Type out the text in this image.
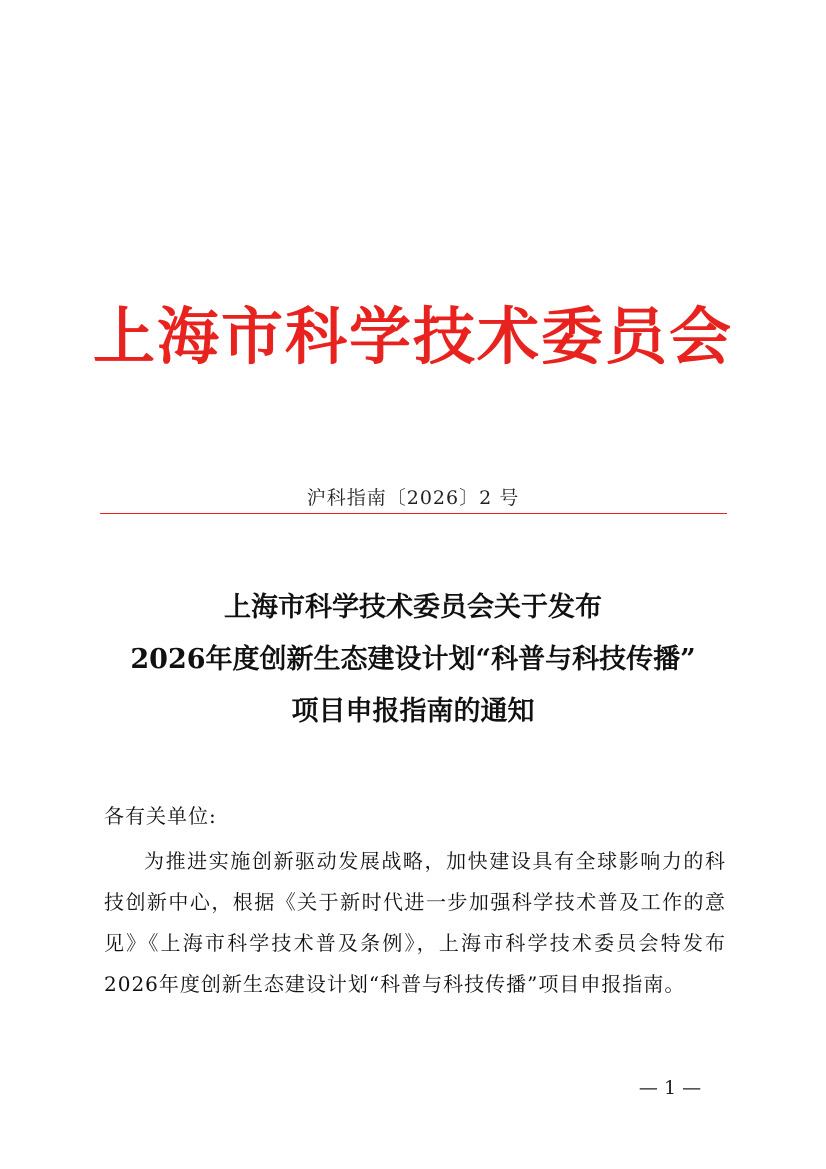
上海市科学技术委员会
沪科指南〔2026〕2 号
上海市科学技术委员会关于发布
2026年度创新生态建设计划“科普与科技传播”
项目申报指南的通知
各有关单位:
为推进实施创新驱动发展战略，加快建设具有全球影响力的科技创新中心，根据《关于新时代进一步加强科学技术普及工作的意见》《上海市科学技术普及条例》，上海市科学技术委员会特发布2026年度创新生态建设计划“科普与科技传播”项目申报指南。
— 1 —
